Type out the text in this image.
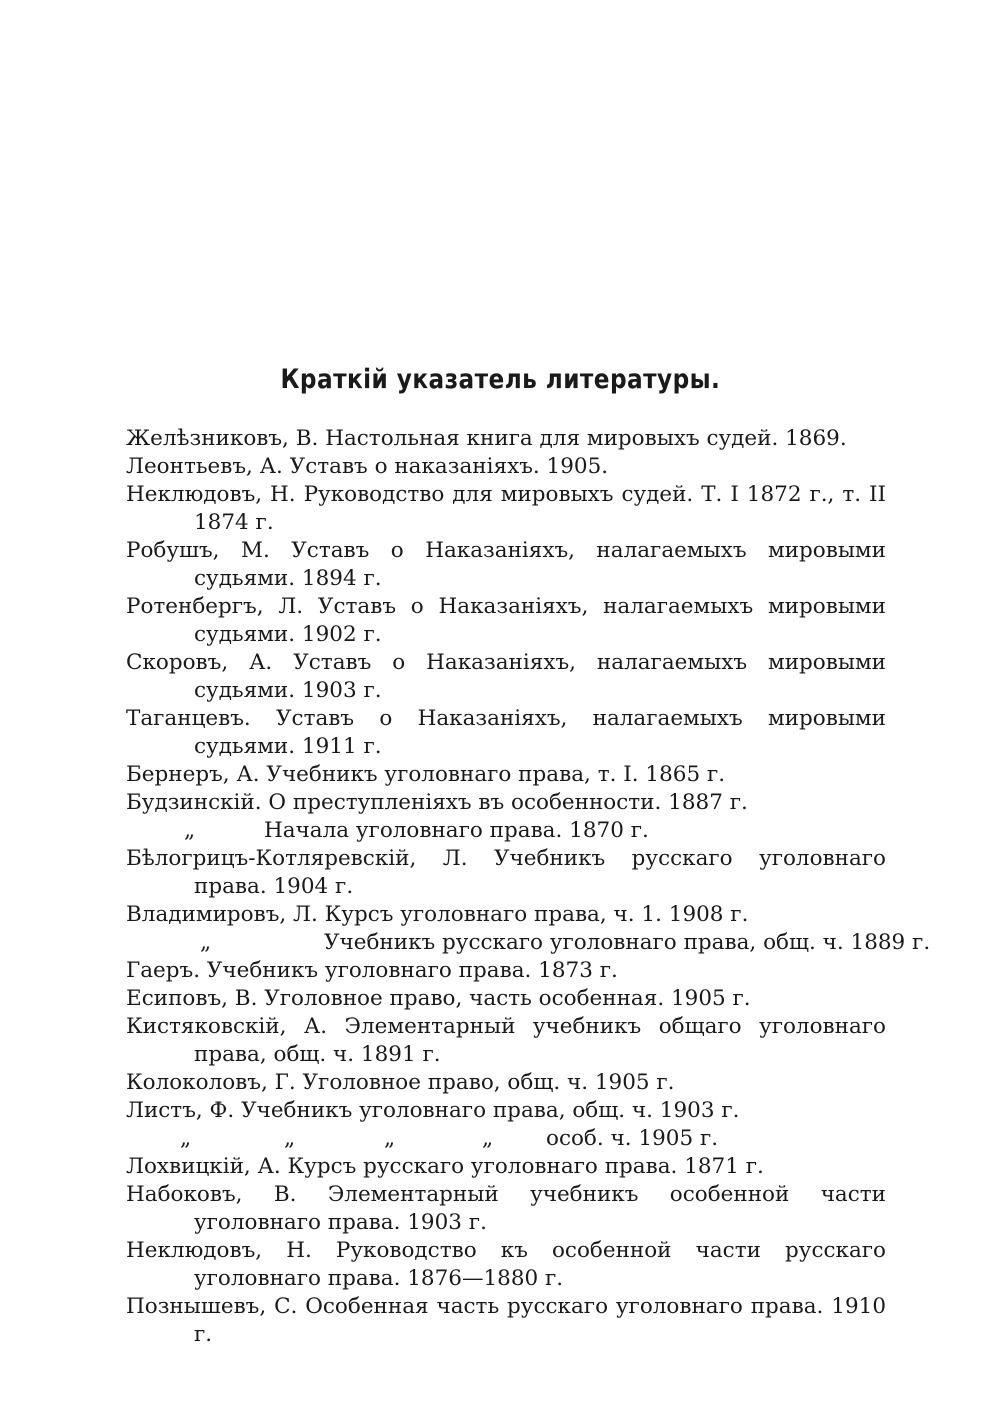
Краткій указатель литературы.
Желѣзниковъ, В. Настольная книга для мировыхъ судей. 1869.
Леонтьевъ, А. Уставъ о наказаніяхъ. 1905.
Неклюдовъ, Н. Руководство для мировыхъ судей. Т. I 1872 г., т. II 1874 г.
Робушъ, М. Уставъ о Наказаніяхъ, налагаемыхъ мировыми судьями. 1894 г.
Ротенбергъ, Л. Уставъ о Наказаніяхъ, налагаемыхъ мировыми судьями. 1902 г.
Скоровъ, А. Уставъ о Наказаніяхъ, налагаемыхъ мировыми судьями. 1903 г.
Таганцевъ. Уставъ о Наказаніяхъ, налагаемыхъ мировыми судьями. 1911 г.
Бернеръ, А. Учебникъ уголовнаго права, т. I. 1865 г.
Будзинскій. О преступленіяхъ въ особенности. 1887 г.
„	Начала уголовнаго права. 1870 г.
Бѣлогрицъ-Котляревскій, Л. Учебникъ русскаго уголовнаго права. 1904 г.
Владимировъ, Л. Курсъ уголовнаго права, ч. 1. 1908 г.
„	Учебникъ русскаго уголовнаго права, общ. ч. 1889 г.
Гаеръ. Учебникъ уголовнаго права. 1873 г.
Есиповъ, В. Уголовное право, часть особенная. 1905 г.
Кистяковскій, А. Элементарный учебникъ общаго уголовнаго права, общ. ч. 1891 г.
Колоколовъ, Г. Уголовное право, общ. ч. 1905 г.
Листъ, Ф. Учебникъ уголовнаго права, общ. ч. 1903 г.
„	„	„	„ особ. ч. 1905 г.
Лохвицкій, А. Курсъ русскаго уголовнаго права. 1871 г.
Набоковъ, В. Элементарный учебникъ особенной части уголовнаго права. 1903 г.
Неклюдовъ, Н. Руководство къ особенной части русскаго уголовнаго права. 1876—1880 г.
Познышевъ, С. Особенная часть русскаго уголовнаго права. 1910 г.
